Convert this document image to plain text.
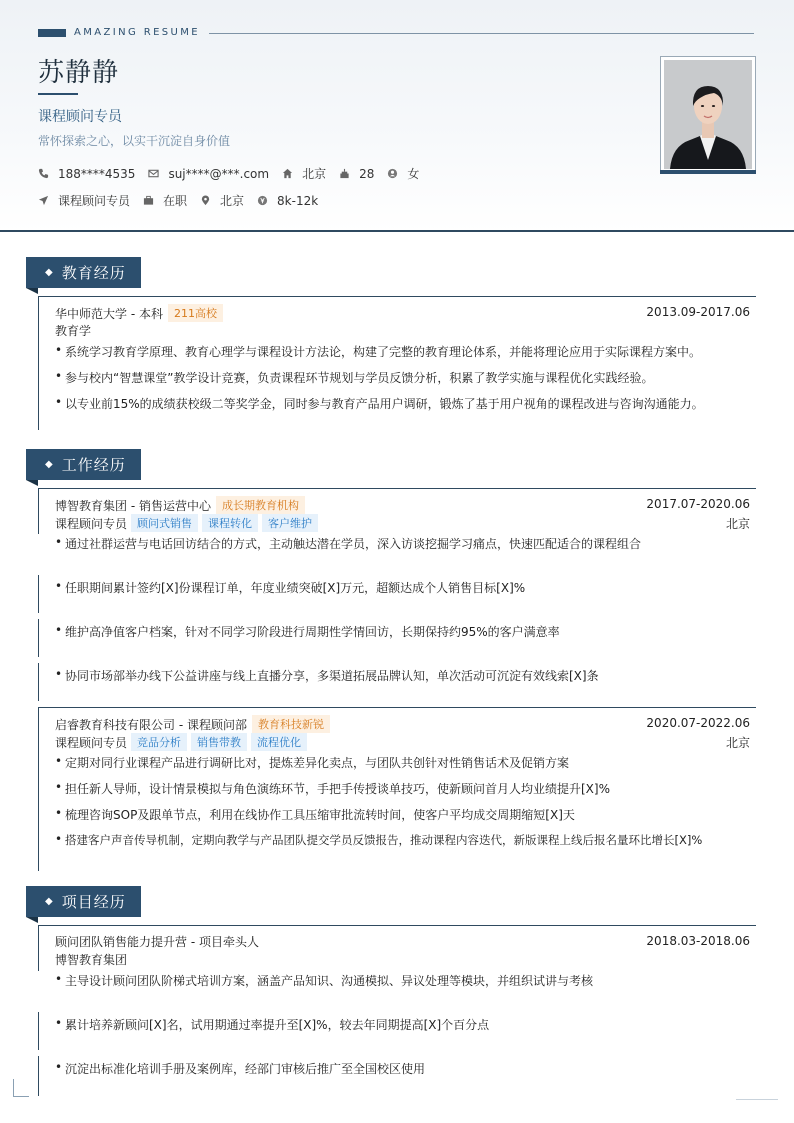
AMAZING RESUME
苏静静
课程顾问专员
常怀探索之心，以实干沉淀自身价值
188****4535	suj****@***.com	北京	28	女
课程顾问专员	在职	北京	8k-12k
◆ 教育经历
华中师范大学 - 本科	211高校	2013.09-2017.06
教育学
• 系统学习教育学原理、教育心理学与课程设计方法论，构建了完整的教育理论体系，并能将理论应用于实际课程方案中。
• 参与校内“智慧课堂”教学设计竞赛，负责课程环节规划与学员反馈分析，积累了教学实施与课程优化实践经验。
• 以专业前15%的成绩获校级二等奖学金，同时参与教育产品用户调研，锻炼了基于用户视角的课程改进与咨询沟通能力。
◆ 工作经历
博智教育集团 - 销售运营中心	成长期教育机构	2017.07-2020.06
课程顾问专员 顾问式销售	课程转化	客户维护	北京
• 通过社群运营与电话回访结合的方式，主动触达潜在学员，深入访谈挖掘学习痛点，快速匹配适合的课程组合
• 任职期间累计签约[X]份课程订单，年度业绩突破[X]万元，超额达成个人销售目标[X]%
• 维护高净值客户档案，针对不同学习阶段进行周期性学情回访，长期保持约95%的客户满意率
• 协同市场部举办线下公益讲座与线上直播分享，多渠道拓展品牌认知，单次活动可沉淀有效线索[X]条
启睿教育科技有限公司 - 课程顾问部	教育科技新锐	2020.07-2022.06
课程顾问专员 竞品分析	销售带教	流程优化	北京
• 定期对同行业课程产品进行调研比对，提炼差异化卖点，与团队共创针对性销售话术及促销方案
• 担任新人导师，设计情景模拟与角色演练环节，手把手传授谈单技巧，使新顾问首月人均业绩提升[X]%
• 梳理咨询SOP及跟单节点，利用在线协作工具压缩审批流转时间，使客户平均成交周期缩短[X]天
• 搭建客户声音传导机制，定期向教学与产品团队提交学员反馈报告，推动课程内容迭代，新版课程上线后报名量环比增长[X]%
◆ 项目经历
顾问团队销售能力提升营 - 项目牵头人	2018.03-2018.06
博智教育集团
• 主导设计顾问团队阶梯式培训方案，涵盖产品知识、沟通模拟、异议处理等模块，并组织试讲与考核
• 累计培养新顾问[X]名，试用期通过率提升至[X]%，较去年同期提高[X]个百分点
• 沉淀出标准化培训手册及案例库，经部门审核后推广至全国校区使用
